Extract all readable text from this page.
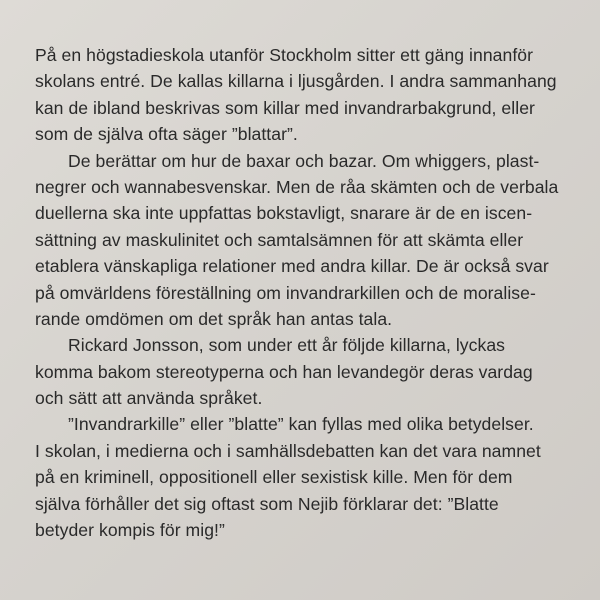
På en högstadieskola utanför Stockholm sitter ett gäng innanför
skolans entré. De kallas killarna i ljusgården. I andra sammanhang
kan de ibland beskrivas som killar med invandrarbakgrund, eller
som de själva ofta säger ”blattar”.

De berättar om hur de baxar och bazar. Om whiggers, plast-
negrer och wannabesvenskar. Men de råa skämten och de verbala
duellerna ska inte uppfattas bokstavligt, snarare är de en iscen-
sättning av maskulinitet och samtalsämnen för att skämta eller
etablera vänskapliga relationer med andra killar. De är också svar
på omvärldens föreställning om invandrarkillen och de moralise-
rande omdömen om det språk han antas tala.

Rickard Jonsson, som under ett år följde killarna, lyckas
komma bakom stereotyperna och han levandegör deras vardag
och sätt att använda språket.

”Invandrarkille” eller ”blatte” kan fyllas med olika betydelser.
I skolan, i medierna och i samhällsdebatten kan det vara namnet
på en kriminell, oppositionell eller sexistisk kille. Men för dem
själva förhåller det sig oftast som Nejib förklarar det: ”Blatte
betyder kompis för mig!”
